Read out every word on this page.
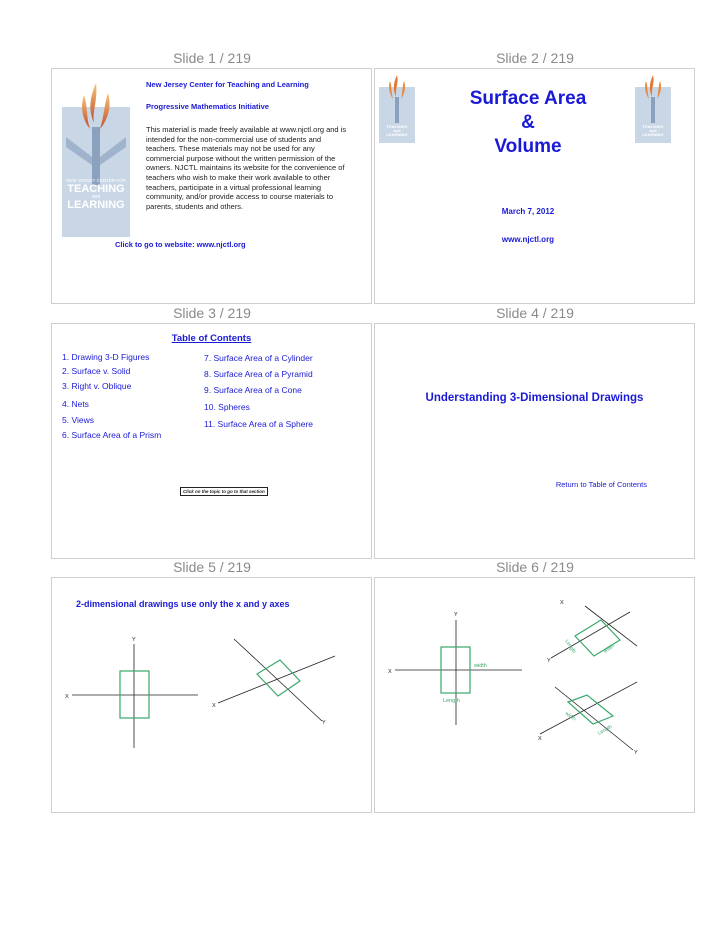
Slide 1 / 219	Slide 2 / 219
Slide 3 / 219	Slide 4 / 219
Slide 5 / 219	Slide 6 / 219
NEW JERSEY CENTER FOR
TEACHING
and
LEARNING
New Jersey Center for Teaching and Learning
Progressive Mathematics Initiative
This material is made freely available at www.njctl.org and is intended for the non-commercial use of students and teachers. These materials may not be used for any commercial purpose without the written permission of the owners. NJCTL maintains its website for the convenience of teachers who wish to make their work available to other teachers, participate in a virtual professional learning community, and/or provide access to course materials to parents, students and others.
Click to go to website: www.njctl.org
TEACHING
and
LEARNING
TEACHING
and
LEARNING
Surface Area
&
Volume
March 7, 2012
www.njctl.org
Table of Contents
1. Drawing 3-D Figures
2. Surface v. Solid
3. Right v. Oblique
4. Nets
5. Views
6. Surface Area of a Prism
7. Surface Area of a Cylinder
8. Surface Area of a Pyramid
9. Surface Area of a Cone
10. Spheres
11. Surface Area of a Sphere
Click on the topic to go to that section
Understanding 3-Dimensional Drawings
Return to Table of Contents
2-dimensional drawings use only the x and y axes
Y
X
X
Y
Y
X
width
Length
X
Y
Length	width
X
Y
width
Length
